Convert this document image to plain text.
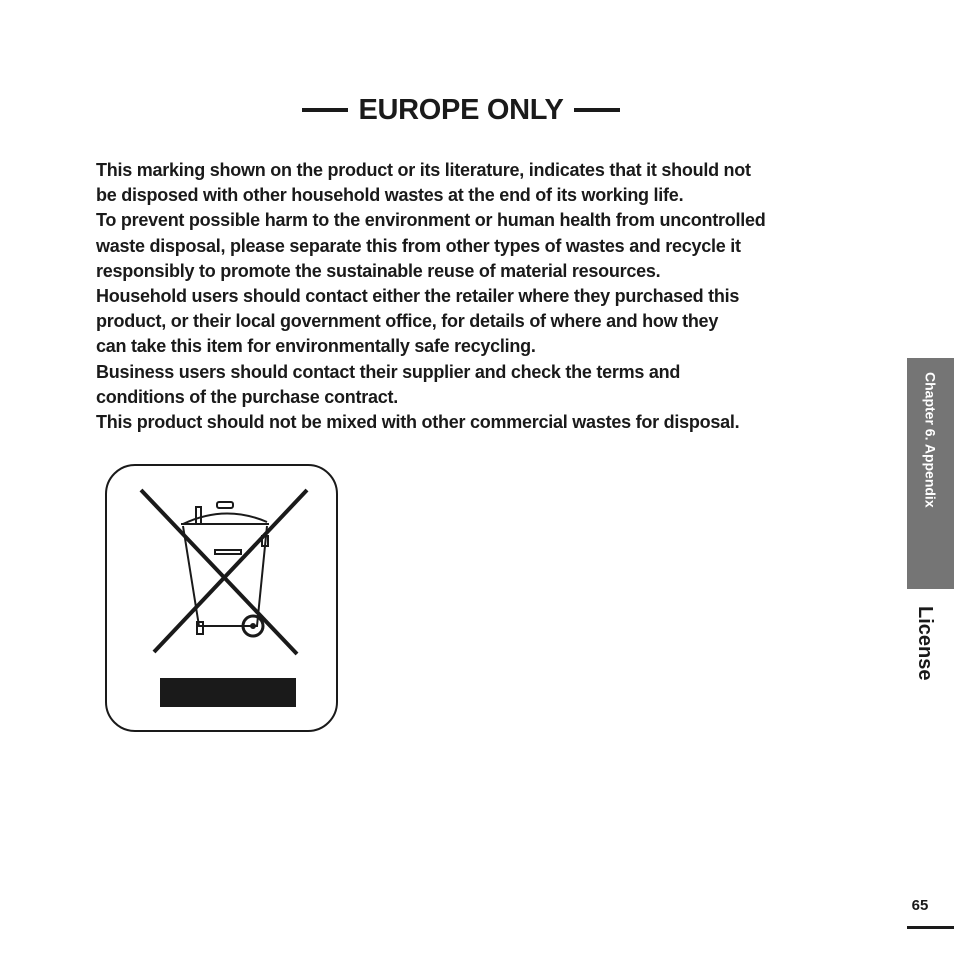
EUROPE ONLY
This marking shown on the product or its literature, indicates that it should not
be disposed with other household wastes at the end of its working life.
To prevent possible harm to the environment or human health from uncontrolled
waste disposal, please separate this from other types of wastes and recycle it
responsibly to promote the sustainable reuse of material resources.
Household users should contact either the retailer where they purchased this
product, or their local government office, for details of where and how they
can take this item for environmentally safe recycling.
Business users should contact their supplier and check the terms and
conditions of the purchase contract.
This product should not be mixed with other commercial wastes for disposal.	Chapter 6. Appendix
License
65
